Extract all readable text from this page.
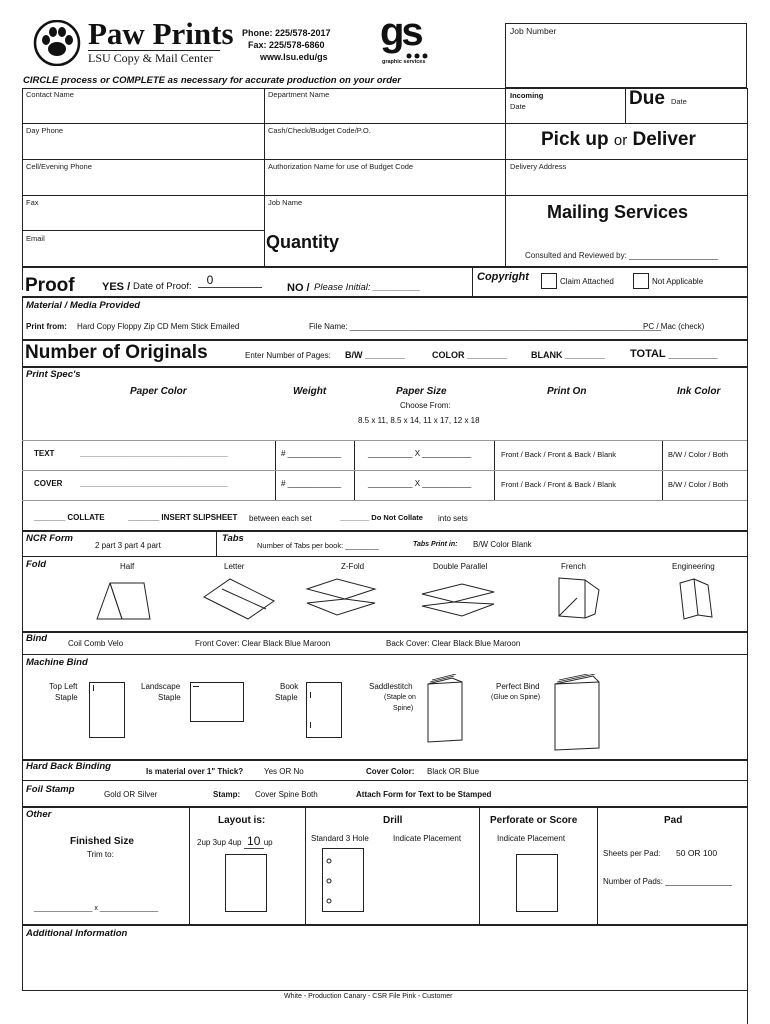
Paw Prints
LSU Copy & Mail Center
Phone: 225/578-2017
Fax: 225/578-6860
www.lsu.edu/gs
gs
graphic services
CIRCLE process or COMPLETE as necessary for accurate production on your order
Job Number
Contact Name	Department Name
Day Phone	Cash/Check/Budget Code/P.O.
Cell/Evening Phone	Authorization Name for use of Budget Code
Fax	Job Name
Email	Quantity
Incoming
Date	Due Date
Pick up or Deliver
Delivery Address
Mailing Services
Consulted and Reviewed by: ____________________
Proof YES / Date of Proof:	0
NO / Please Initial: _________
Copyright	Claim Attached	Not Applicable
Material / Media Provided
Print from: Hard Copy Floppy Zip CD Mem Stick Emailed	File Name: ______________________________________________________________________
PC / Mac (check)
Number of Originals	Enter Number of Pages: B/W ________	COLOR ________	BLANK ________ TOTAL ________
Print Spec's
Paper Color	Weight	Paper Size
Choose From:
8.5 x 11, 8.5 x 14, 11 x 17, 12 x 18
Print On	Ink Color
TEXT	______________________________________	# ____________	__________ X ___________	Front / Back / Front & Back / Blank	B/W / Color / Both
COVER	______________________________________	# ____________	__________ X ___________	Front / Back / Front & Back / Blank	B/W / Color / Both
_______ COLLATE	_______ INSERT SLIPSHEET between each set	_______ Do Not Collate into sets
NCR Form
2 part 3 part 4 part
Tabs
Number of Tabs per book: ________	Tabs Print in: B/W Color Blank
Fold	Half	Letter	Z-Fold	Double Parallel	French	Engineering
Bind	Coil Comb Velo	Front Cover: Clear Black Blue Maroon	Back Cover: Clear Black Blue Maroon
Machine Bind
Top Left
Staple
Landscape
Staple
Book
Staple
Saddlestitch
(Staple on
Spine)
Perfect Bind
(Glue on Spine)
Hard Back Binding	Is material over 1" Thick?	Yes OR No	Cover Color: Black OR Blue
Foil Stamp	Gold OR Silver	Stamp: Cover Spine Both	Attach Form for Text to be Stamped
Other
Finished Size
Trim to:
_______________ x _______________
Layout is:
2up 3up 4up 10 up
Drill
Standard 3 Hole	Indicate Placement
Perforate or Score
Indicate Placement
Pad
Sheets per Pad: 50 OR 100
Number of Pads: _______________
Additional Information
White - Production Canary - CSR File Pink - Customer
